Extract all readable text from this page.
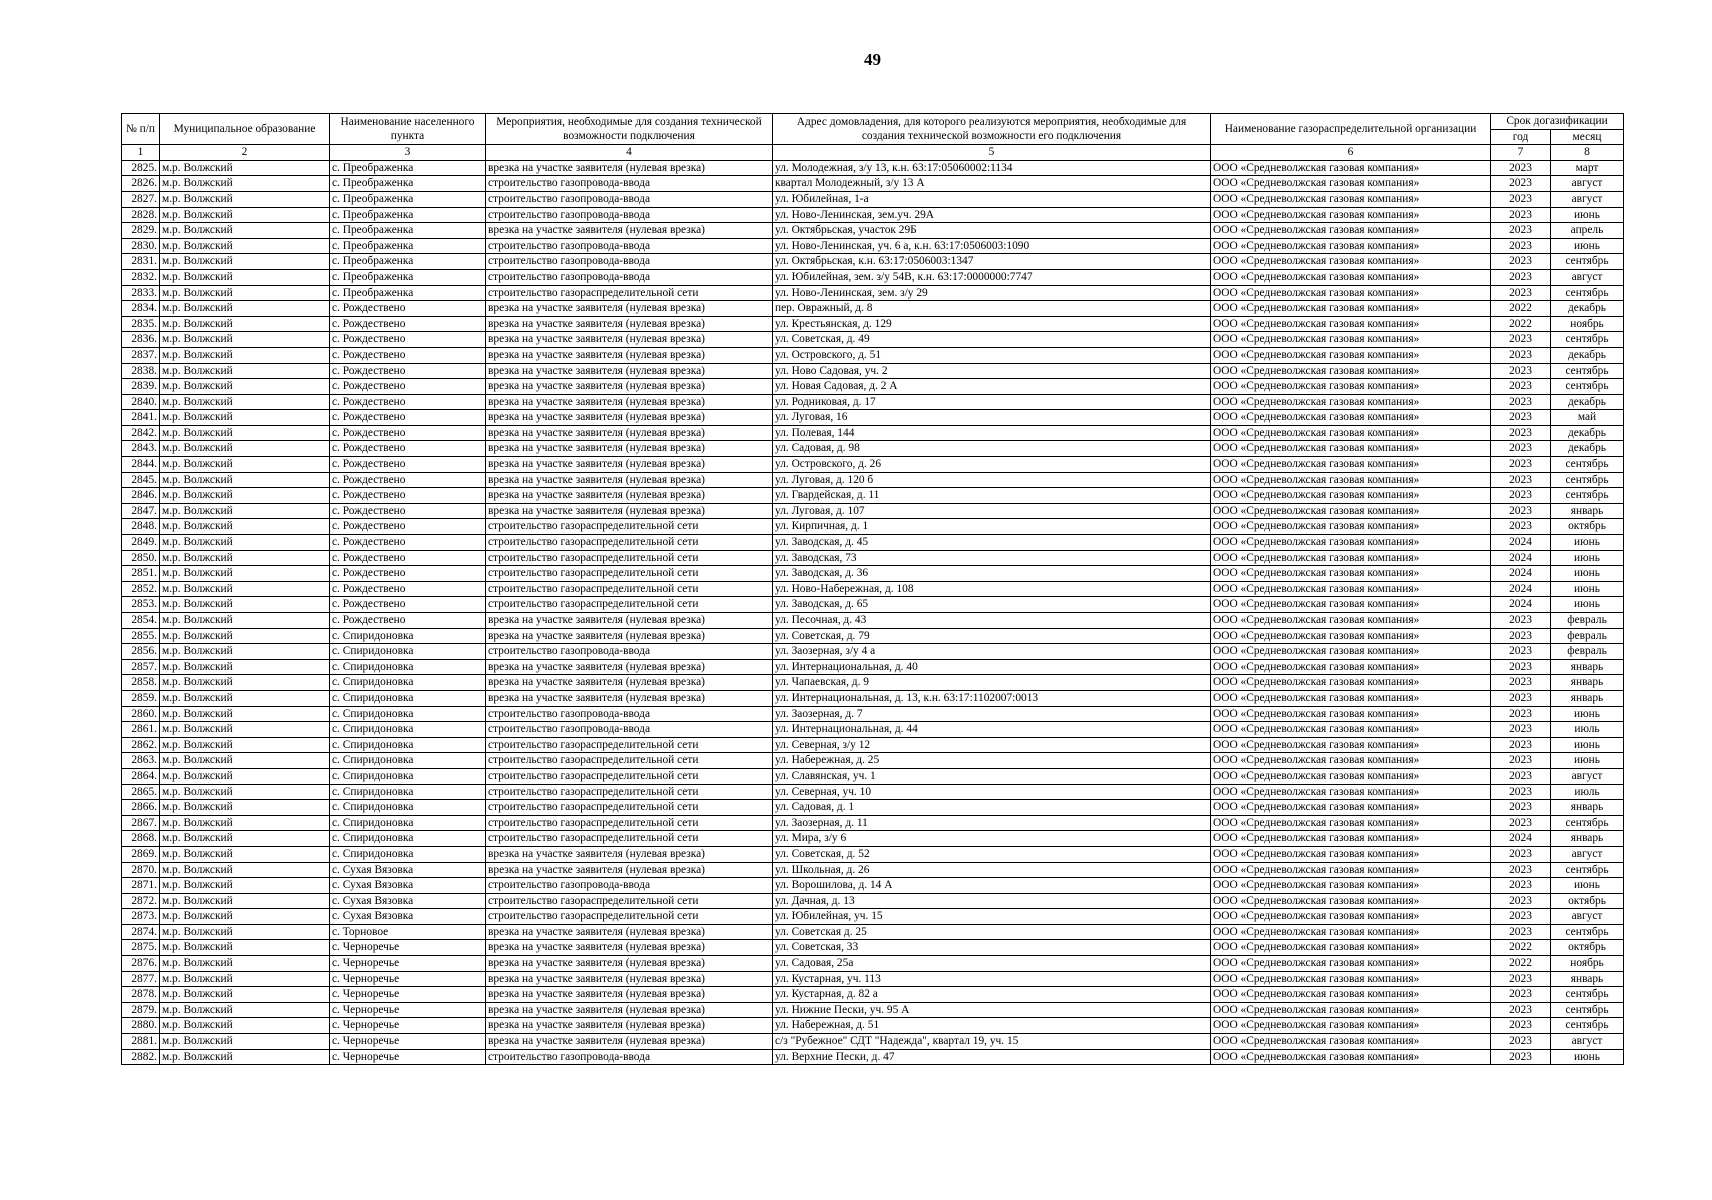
49
№ п/п	Муниципальное образование	Наименование населенного пункта	Мероприятия, необходимые для создания технической возможности подключения	Адрес домовладения, для которого реализуются мероприятия, необходимые для создания технической возможности его подключения	Наименование газораспределительной организации	Срок догазификации	
						год	месяц
1	2	3	4	5	6	7	8
2825.	м.р. Волжский	с. Преображенка	врезка на участке заявителя (нулевая врезка)	ул. Молодежная, з/у 13, к.н. 63:17:05060002:1134	ООО «Средневолжская газовая компания»	2023	март
2826.	м.р. Волжский	с. Преображенка	строительство газопровода-ввода	квартал Молодежный, з/у 13 А	ООО «Средневолжская газовая компания»	2023	август
2827.	м.р. Волжский	с. Преображенка	строительство газопровода-ввода	ул. Юбилейная, 1-а	ООО «Средневолжская газовая компания»	2023	август
2828.	м.р. Волжский	с. Преображенка	строительство газопровода-ввода	ул. Ново-Ленинская, зем.уч. 29А	ООО «Средневолжская газовая компания»	2023	июнь
2829.	м.р. Волжский	с. Преображенка	врезка на участке заявителя (нулевая врезка)	ул. Октябрьская, участок 29Б	ООО «Средневолжская газовая компания»	2023	апрель
2830.	м.р. Волжский	с. Преображенка	строительство газопровода-ввода	ул. Ново-Ленинская, уч. 6 а, к.н. 63:17:0506003:1090	ООО «Средневолжская газовая компания»	2023	июнь
2831.	м.р. Волжский	с. Преображенка	строительство газопровода-ввода	ул. Октябрьская, к.н. 63:17:0506003:1347	ООО «Средневолжская газовая компания»	2023	сентябрь
2832.	м.р. Волжский	с. Преображенка	строительство газопровода-ввода	ул. Юбилейная, зем. з/у 54В, к.н. 63:17:0000000:7747	ООО «Средневолжская газовая компания»	2023	август
2833.	м.р. Волжский	с. Преображенка	строительство газораспределительной сети	ул. Ново-Ленинская, зем. з/у 29	ООО «Средневолжская газовая компания»	2023	сентябрь
2834.	м.р. Волжский	с. Рождествено	врезка на участке заявителя (нулевая врезка)	пер. Овражный, д. 8	ООО «Средневолжская газовая компания»	2022	декабрь
2835.	м.р. Волжский	с. Рождествено	врезка на участке заявителя (нулевая врезка)	ул. Крестьянская, д. 129	ООО «Средневолжская газовая компания»	2022	ноябрь
2836.	м.р. Волжский	с. Рождествено	врезка на участке заявителя (нулевая врезка)	ул. Советская, д. 49	ООО «Средневолжская газовая компания»	2023	сентябрь
2837.	м.р. Волжский	с. Рождествено	врезка на участке заявителя (нулевая врезка)	ул. Островского, д. 51	ООО «Средневолжская газовая компания»	2023	декабрь
2838.	м.р. Волжский	с. Рождествено	врезка на участке заявителя (нулевая врезка)	ул. Ново Садовая, уч. 2	ООО «Средневолжская газовая компания»	2023	сентябрь
2839.	м.р. Волжский	с. Рождествено	врезка на участке заявителя (нулевая врезка)	ул. Новая Садовая, д. 2 А	ООО «Средневолжская газовая компания»	2023	сентябрь
2840.	м.р. Волжский	с. Рождествено	врезка на участке заявителя (нулевая врезка)	ул. Родниковая, д. 17	ООО «Средневолжская газовая компания»	2023	декабрь
2841.	м.р. Волжский	с. Рождествено	врезка на участке заявителя (нулевая врезка)	ул. Луговая, 16	ООО «Средневолжская газовая компания»	2023	май
2842.	м.р. Волжский	с. Рождествено	врезка на участке заявителя (нулевая врезка)	ул. Полевая, 144	ООО «Средневолжская газовая компания»	2023	декабрь
2843.	м.р. Волжский	с. Рождествено	врезка на участке заявителя (нулевая врезка)	ул. Садовая, д. 98	ООО «Средневолжская газовая компания»	2023	декабрь
2844.	м.р. Волжский	с. Рождествено	врезка на участке заявителя (нулевая врезка)	ул. Островского, д. 26	ООО «Средневолжская газовая компания»	2023	сентябрь
2845.	м.р. Волжский	с. Рождествено	врезка на участке заявителя (нулевая врезка)	ул. Луговая, д. 120 б	ООО «Средневолжская газовая компания»	2023	сентябрь
2846.	м.р. Волжский	с. Рождествено	врезка на участке заявителя (нулевая врезка)	ул. Гвардейская, д. 11	ООО «Средневолжская газовая компания»	2023	сентябрь
2847.	м.р. Волжский	с. Рождествено	врезка на участке заявителя (нулевая врезка)	ул. Луговая, д. 107	ООО «Средневолжская газовая компания»	2023	январь
2848.	м.р. Волжский	с. Рождествено	строительство газораспределительной сети	ул. Кирпичная, д. 1	ООО «Средневолжская газовая компания»	2023	октябрь
2849.	м.р. Волжский	с. Рождествено	строительство газораспределительной сети	ул. Заводская, д. 45	ООО «Средневолжская газовая компания»	2024	июнь
2850.	м.р. Волжский	с. Рождествено	строительство газораспределительной сети	ул. Заводская, 73	ООО «Средневолжская газовая компания»	2024	июнь
2851.	м.р. Волжский	с. Рождествено	строительство газораспределительной сети	ул. Заводская, д. 36	ООО «Средневолжская газовая компания»	2024	июнь
2852.	м.р. Волжский	с. Рождествено	строительство газораспределительной сети	ул. Ново-Набережная, д. 108	ООО «Средневолжская газовая компания»	2024	июнь
2853.	м.р. Волжский	с. Рождествено	строительство газораспределительной сети	ул. Заводская, д. 65	ООО «Средневолжская газовая компания»	2024	июнь
2854.	м.р. Волжский	с. Рождествено	врезка на участке заявителя (нулевая врезка)	ул. Песочная, д. 43	ООО «Средневолжская газовая компания»	2023	февраль
2855.	м.р. Волжский	с. Спиридоновка	врезка на участке заявителя (нулевая врезка)	ул. Советская, д. 79	ООО «Средневолжская газовая компания»	2023	февраль
2856.	м.р. Волжский	с. Спиридоновка	строительство газопровода-ввода	ул. Заозерная, з/у 4 а	ООО «Средневолжская газовая компания»	2023	февраль
2857.	м.р. Волжский	с. Спиридоновка	врезка на участке заявителя (нулевая врезка)	ул. Интернациональная, д. 40	ООО «Средневолжская газовая компания»	2023	январь
2858.	м.р. Волжский	с. Спиридоновка	врезка на участке заявителя (нулевая врезка)	ул. Чапаевская, д. 9	ООО «Средневолжская газовая компания»	2023	январь
2859.	м.р. Волжский	с. Спиридоновка	врезка на участке заявителя (нулевая врезка)	ул. Интернациональная, д. 13, к.н. 63:17:1102007:0013	ООО «Средневолжская газовая компания»	2023	январь
2860.	м.р. Волжский	с. Спиридоновка	строительство газопровода-ввода	ул. Заозерная, д. 7	ООО «Средневолжская газовая компания»	2023	июнь
2861.	м.р. Волжский	с. Спиридоновка	строительство газопровода-ввода	ул. Интернациональная, д. 44	ООО «Средневолжская газовая компания»	2023	июль
2862.	м.р. Волжский	с. Спиридоновка	строительство газораспределительной сети	ул. Северная, з/у 12	ООО «Средневолжская газовая компания»	2023	июнь
2863.	м.р. Волжский	с. Спиридоновка	строительство газораспределительной сети	ул. Набережная, д. 25	ООО «Средневолжская газовая компания»	2023	июнь
2864.	м.р. Волжский	с. Спиридоновка	строительство газораспределительной сети	ул. Славянская, уч. 1	ООО «Средневолжская газовая компания»	2023	август
2865.	м.р. Волжский	с. Спиридоновка	строительство газораспределительной сети	ул. Северная, уч. 10	ООО «Средневолжская газовая компания»	2023	июль
2866.	м.р. Волжский	с. Спиридоновка	строительство газораспределительной сети	ул. Садовая, д. 1	ООО «Средневолжская газовая компания»	2023	январь
2867.	м.р. Волжский	с. Спиридоновка	строительство газораспределительной сети	ул. Заозерная, д. 11	ООО «Средневолжская газовая компания»	2023	сентябрь
2868.	м.р. Волжский	с. Спиридоновка	строительство газораспределительной сети	ул. Мира, з/у 6	ООО «Средневолжская газовая компания»	2024	январь
2869.	м.р. Волжский	с. Спиридоновка	врезка на участке заявителя (нулевая врезка)	ул. Советская, д. 52	ООО «Средневолжская газовая компания»	2023	август
2870.	м.р. Волжский	с. Сухая Вязовка	врезка на участке заявителя (нулевая врезка)	ул. Школьная, д. 26	ООО «Средневолжская газовая компания»	2023	сентябрь
2871.	м.р. Волжский	с. Сухая Вязовка	строительство газопровода-ввода	ул. Ворошилова, д. 14 А	ООО «Средневолжская газовая компания»	2023	июнь
2872.	м.р. Волжский	с. Сухая Вязовка	строительство газораспределительной сети	ул. Дачная, д. 13	ООО «Средневолжская газовая компания»	2023	октябрь
2873.	м.р. Волжский	с. Сухая Вязовка	строительство газораспределительной сети	ул. Юбилейная, уч. 15	ООО «Средневолжская газовая компания»	2023	август
2874.	м.р. Волжский	с. Торновое	врезка на участке заявителя (нулевая врезка)	ул. Советская д. 25	ООО «Средневолжская газовая компания»	2023	сентябрь
2875.	м.р. Волжский	с. Черноречье	врезка на участке заявителя (нулевая врезка)	ул. Советская, 33	ООО «Средневолжская газовая компания»	2022	октябрь
2876.	м.р. Волжский	с. Черноречье	врезка на участке заявителя (нулевая врезка)	ул. Садовая, 25а	ООО «Средневолжская газовая компания»	2022	ноябрь
2877.	м.р. Волжский	с. Черноречье	врезка на участке заявителя (нулевая врезка)	ул. Кустарная, уч. 113	ООО «Средневолжская газовая компания»	2023	январь
2878.	м.р. Волжский	с. Черноречье	врезка на участке заявителя (нулевая врезка)	ул. Кустарная, д. 82 а	ООО «Средневолжская газовая компания»	2023	сентябрь
2879.	м.р. Волжский	с. Черноречье	врезка на участке заявителя (нулевая врезка)	ул. Нижние Пески, уч. 95 А	ООО «Средневолжская газовая компания»	2023	сентябрь
2880.	м.р. Волжский	с. Черноречье	врезка на участке заявителя (нулевая врезка)	ул. Набережная, д. 51	ООО «Средневолжская газовая компания»	2023	сентябрь
2881.	м.р. Волжский	с. Черноречье	врезка на участке заявителя (нулевая врезка)	с/з "Рубежное" СДТ "Надежда", квартал 19, уч. 15	ООО «Средневолжская газовая компания»	2023	август
2882.	м.р. Волжский	с. Черноречье	строительство газопровода-ввода	ул. Верхние Пески, д. 47	ООО «Средневолжская газовая компания»	2023	июнь
